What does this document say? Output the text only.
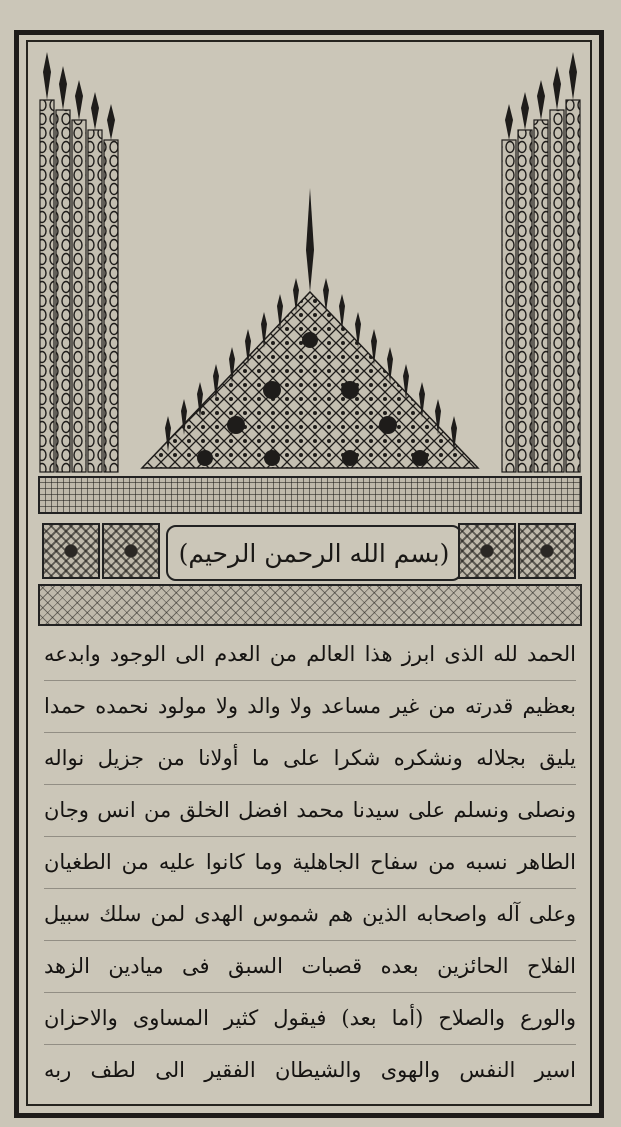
(بسم الله الرحمن الرحيم)
الحمد لله الذى ابرز هذا العالم من العدم الى الوجود وابدعه
بعظيم قدرته من غير مساعد ولا والد ولا مولود نحمده حمدا
يليق بجلاله ونشكره شكرا على ما أولانا من جزيل نواله
ونصلى ونسلم على سيدنا محمد افضل الخلق من انس وجان
الطاهر نسبه من سفاح الجاهلية وما كانوا عليه من الطغيان
وعلى آله واصحابه الذين هم شموس الهدى لمن سلك سبيل
الفلاح الحائزين بعده قصبات السبق فى ميادين الزهد
والورع والصلاح (أما بعد) فيقول كثير المساوى والاحزان
اسير النفس والهوى والشيطان الفقير الى لطف ربه
